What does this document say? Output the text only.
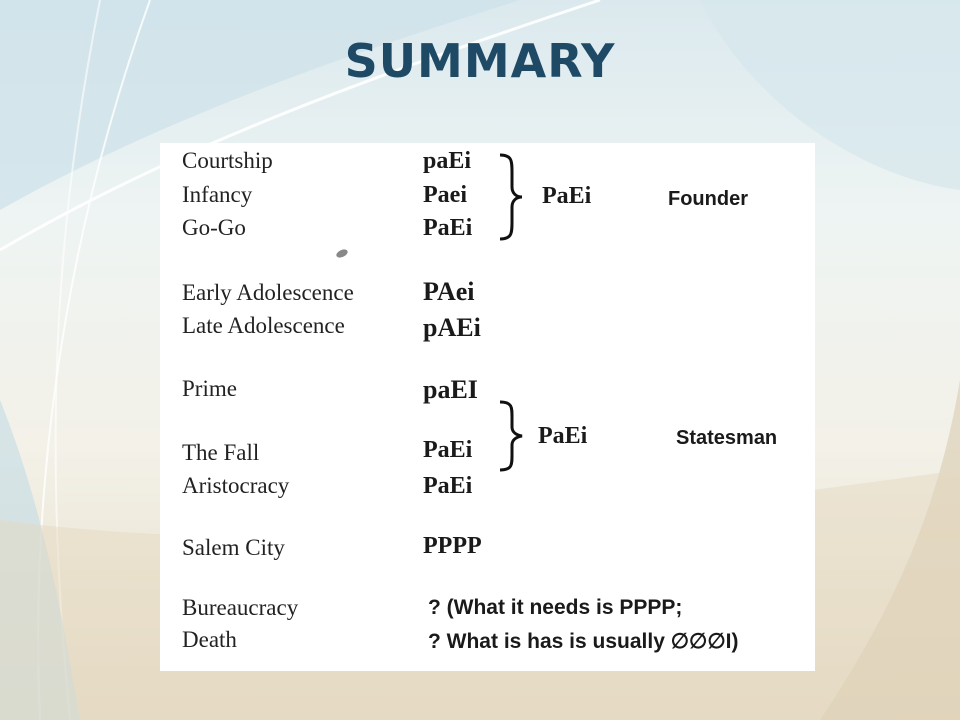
SUMMARY
Courtship
Infancy
Go-Go
Early Adolescence
Late Adolescence
Prime
The Fall
Aristocracy
Salem City
Bureaucracy
Death
paEi
Paei
PaEi
PAei
pAEi
paEI
PaEi
PaEi
PPPP
? (What it needs is PPPP;
? What is has is usually ∅∅∅I)
PaEi	Founder
PaEi	Statesman
